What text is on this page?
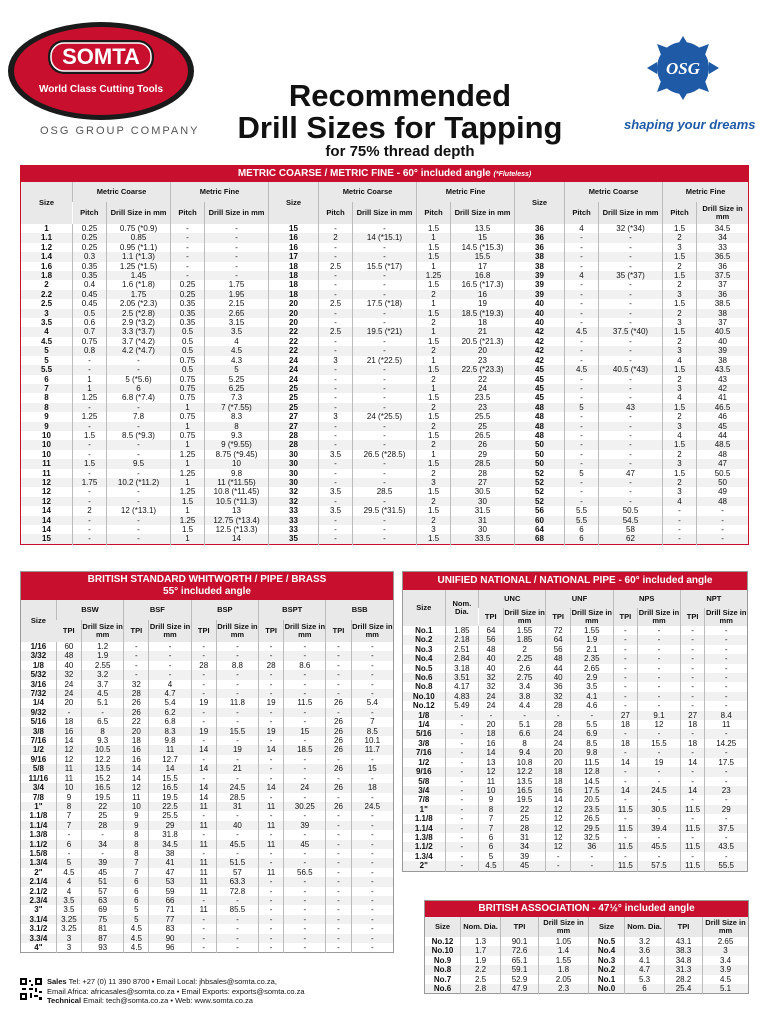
SOMTA
World Class Cutting Tools
OSG GROUP COMPANY
OSG
shaping your dreams
Recommended
Drill Sizes for Tapping
for 75% thread depth
METRIC COARSE / METRIC FINE - 60° included angle (*Fluteless)														
Size	Metric Coarse		Metric Fine		Size	Metric Coarse		Metric Fine		Size	Metric Coarse		Metric Fine	
	Pitch	Drill Size in mm	Pitch	Drill Size in mm		Pitch	Drill Size in mm	Pitch	Drill Size in mm		Pitch	Drill Size in mm	Pitch	Drill Size in mm
1	0.25	0.75 (*0.9)	-	-	15	-	-	1.5	13.5	36	4	32 (*34)	1.5	34.5
1.1	0.25	0.85	-	-	16	2	14 (*15.1)	1	15	36	-	-	2	34
1.2	0.25	0.95 (*1.1)	-	-	16	-	-	1.5	14.5 (*15.3)	36	-	-	3	33
1.4	0.3	1.1 (*1.3)	-	-	17	-	-	1.5	15.5	38	-	-	1.5	36.5
1.6	0.35	1.25 (*1.5)	-	-	18	2.5	15.5 (*17)	1	17	38	-	-	2	36
1.8	0.35	1.45	-	-	18	-	-	1.25	16.8	39	4	35 (*37)	1.5	37.5
2	0.4	1.6 (*1.8)	0.25	1.75	18	-	-	1.5	16.5 (*17.3)	39	-	-	2	37
2.2	0.45	1.75	0.25	1.95	18	-	-	2	16	39	-	-	3	36
2.5	0.45	2.05 (*2.3)	0.35	2.15	20	2.5	17.5 (*18)	1	19	40	-	-	1.5	38.5
3	0.5	2.5 (*2.8)	0.35	2.65	20	-	-	1.5	18.5 (*19.3)	40	-	-	2	38
3.5	0.6	2.9 (*3.2)	0.35	3.15	20	-	-	2	18	40	-	-	3	37
4	0.7	3.3 (*3.7)	0.5	3.5	22	2.5	19.5 (*21)	1	21	42	4.5	37.5 (*40)	1.5	40.5
4.5	0.75	3.7 (*4.2)	0.5	4	22	-	-	1.5	20.5 (*21.3)	42	-	-	2	40
5	0.8	4.2 (*4.7)	0.5	4.5	22	-	-	2	20	42	-	-	3	39
5	-	-	0.75	4.3	24	3	21 (*22.5)	1	23	42	-	-	4	38
5.5	-	-	0.5	5	24	-	-	1.5	22.5 (*23.3)	45	4.5	40.5 (*43)	1.5	43.5
6	1	5 (*5.6)	0.75	5.25	24	-	-	2	22	45	-	-	2	43
7	1	6	0.75	6.25	25	-	-	1	24	45	-	-	3	42
8	1.25	6.8 (*7.4)	0.75	7.3	25	-	-	1.5	23.5	45	-	-	4	41
8	-	-	1	7 (*7.55)	25	-	-	2	23	48	5	43	1.5	46.5
9	1.25	7.8	0.75	8.3	27	3	24 (*25.5)	1.5	25.5	48	-	-	2	46
9	-	-	1	8	27	-	-	2	25	48	-	-	3	45
10	1.5	8.5 (*9.3)	0.75	9.3	28	-	-	1.5	26.5	48	-	-	4	44
10	-	-	1	9 (*9.55)	28	-	-	2	26	50	-	-	1.5	48.5
10	-	-	1.25	8.75 (*9.45)	30	3.5	26.5 (*28.5)	1	29	50	-	-	2	48
11	1.5	9.5	1	10	30	-	-	1.5	28.5	50	-	-	3	47
11	-	-	1.25	9.8	30	-	-	2	28	52	5	47	1.5	50.5
12	1.75	10.2 (*11.2)	1	11 (*11.55)	30	-	-	3	27	52	-	-	2	50
12	-	-	1.25	10.8 (*11.45)	32	3.5	28.5	1.5	30.5	52	-	-	3	49
12	-	-	1.5	10.5 (*11.3)	32	-	-	2	30	52	-	-	4	48
14	2	12 (*13.1)	1	13	33	3.5	29.5 (*31.5)	1.5	31.5	56	5.5	50.5	-	-
14	-	-	1.25	12.75 (*13.4)	33	-	-	2	31	60	5.5	54.5	-	-
14	-	-	1.5	12.5 (*13.3)	33	-	-	3	30	64	6	58	-	-
15	-	-	1	14	35	-	-	1.5	33.5	68	6	62	-	-
BRITISH STANDARD WHITWORTH / PIPE / BRASS
55° included angle										

Size	BSW		BSF		BSP		BSPT		BSB	
	TPI	Drill Size in mm	TPI	Drill Size in mm	TPI	Drill Size in mm	TPI	Drill Size in mm	TPI	Drill Size in mm
1/16	60	1.2	-	-	-	-	-	-	-	-
3/32	48	1.9	-	-	-	-	-	-	-	-
1/8	40	2.55	-	-	28	8.8	28	8.6	-	-
5/32	32	3.2	-	-	-	-	-	-	-	-
3/16	24	3.7	32	4	-	-	-	-	-	-
7/32	24	4.5	28	4.7	-	-	-	-	-	-
1/4	20	5.1	26	5.4	19	11.8	19	11.5	26	5.4
9/32	-	-	26	6.2	-	-	-	-	-	-
5/16	18	6.5	22	6.8	-	-	-	-	26	7
3/8	16	8	20	8.3	19	15.5	19	15	26	8.5
7/16	14	9.3	18	9.8	-	-	-	-	26	10.1
1/2	12	10.5	16	11	14	19	14	18.5	26	11.7
9/16	12	12.2	16	12.7	-	-	-	-	-	-
5/8	11	13.5	14	14	14	21	-	-	26	15
11/16	11	15.2	14	15.5	-	-	-	-	-	-
3/4	10	16.5	12	16.5	14	24.5	14	24	26	18
7/8	9	19.5	11	19.5	14	28.5	-	-	-	-
1"	8	22	10	22.5	11	31	11	30.25	26	24.5
1.1/8	7	25	9	25.5	-	-	-	-	-	-
1.1/4	7	28	9	29	11	40	11	39	-	-
1.3/8	-	-	8	31.8	-	-	-	-	-	-
1.1/2	6	34	8	34.5	11	45.5	11	45	-	-
1.5/8	-	-	8	38	-	-	-	-	-	-
1.3/4	5	39	7	41	11	51.5	-	-	-	-
2"	4.5	45	7	47	11	57	11	56.5	-	-
2.1/4	4	51	6	53	11	63.3	-	-	-	-
2.1/2	4	57	6	59	11	72.8	-	-	-	-
2.3/4	3.5	63	6	66	-	-	-	-	-	-
3"	3.5	69	5	71	11	85.5	-	-	-	-
3.1/4	3.25	75	5	77	-	-	-	-	-	-
3.1/2	3.25	81	4.5	83	-	-	-	-	-	-
3.3/4	3	87	4.5	90	-	-	-	-	-	-
4"	3	93	4.5	96	-	-	-	-	-	-
UNIFIED NATIONAL / NATIONAL PIPE - 60° included angle									
Size	Nom. Dia.	UNC		UNF		NPS		NPT	
		TPI	Drill Size in mm	TPI	Drill Size in mm	TPI	Drill Size in mm	TPI	Drill Size in mm
No.1	1.85	64	1.55	72	1.55	-	-	-	-
No.2	2.18	56	1.85	64	1.9	-	-	-	-
No.3	2.51	48	2	56	2.1	-	-	-	-
No.4	2.84	40	2.25	48	2.35	-	-	-	-
No.5	3.18	40	2.6	44	2.65	-	-	-	-
No.6	3.51	32	2.75	40	2.9	-	-	-	-
No.8	4.17	32	3.4	36	3.5	-	-	-	-
No.10	4.83	24	3.8	32	4.1	-	-	-	-
No.12	5.49	24	4.4	28	4.6	-	-	-	-
1/8	-	-	-	-	-	27	9.1	27	8.4
1/4	-	20	5.1	28	5.5	18	12	18	11
5/16	-	18	6.6	24	6.9	-	-	-	-
3/8	-	16	8	24	8.5	18	15.5	18	14.25
7/16	-	14	9.4	20	9.8	-	-	-	-
1/2	-	13	10.8	20	11.5	14	19	14	17.5
9/16	-	12	12.2	18	12.8	-	-	-	-
5/8	-	11	13.5	18	14.5	-	-	-	-
3/4	-	10	16.5	16	17.5	14	24.5	14	23
7/8	-	9	19.5	14	20.5	-	-	-	-
1"	-	8	22	12	23.5	11.5	30.5	11.5	29
1.1/8	-	7	25	12	26.5	-	-	-	-
1.1/4	-	7	28	12	29.5	11.5	39.4	11.5	37.5
1.3/8	-	6	31	12	32.5	-	-	-	-
1.1/2	-	6	34	12	36	11.5	45.5	11.5	43.5
1.3/4	-	5	39	-	-	-	-	-	-
2"	-	4.5	45	-	-	11.5	57.5	11.5	55.5
BRITISH ASSOCIATION - 47½° included angle							
Size	Nom. Dia.	TPI	Drill Size in mm	Size	Nom. Dia.	TPI	Drill Size in mm
No.12	1.3	90.1	1.05	No.5	3.2	43.1	2.65
No.10	1.7	72.6	1.4	No.4	3.6	38.3	3
No.9	1.9	65.1	1.55	No.3	4.1	34.8	3.4
No.8	2.2	59.1	1.8	No.2	4.7	31.3	3.9
No.7	2.5	52.9	2.05	No.1	5.3	28.2	4.5
No.6	2.8	47.9	2.3	No.0	6	25.4	5.1
Sales Tel: +27 (0) 11 390 8700 • Email Local: jhbsales@somta.co.za,
Email Africa: africasales@somta.co.za • Email Exports: exports@somta.co.za
Technical Email: tech@somta.co.za • Web: www.somta.co.za
